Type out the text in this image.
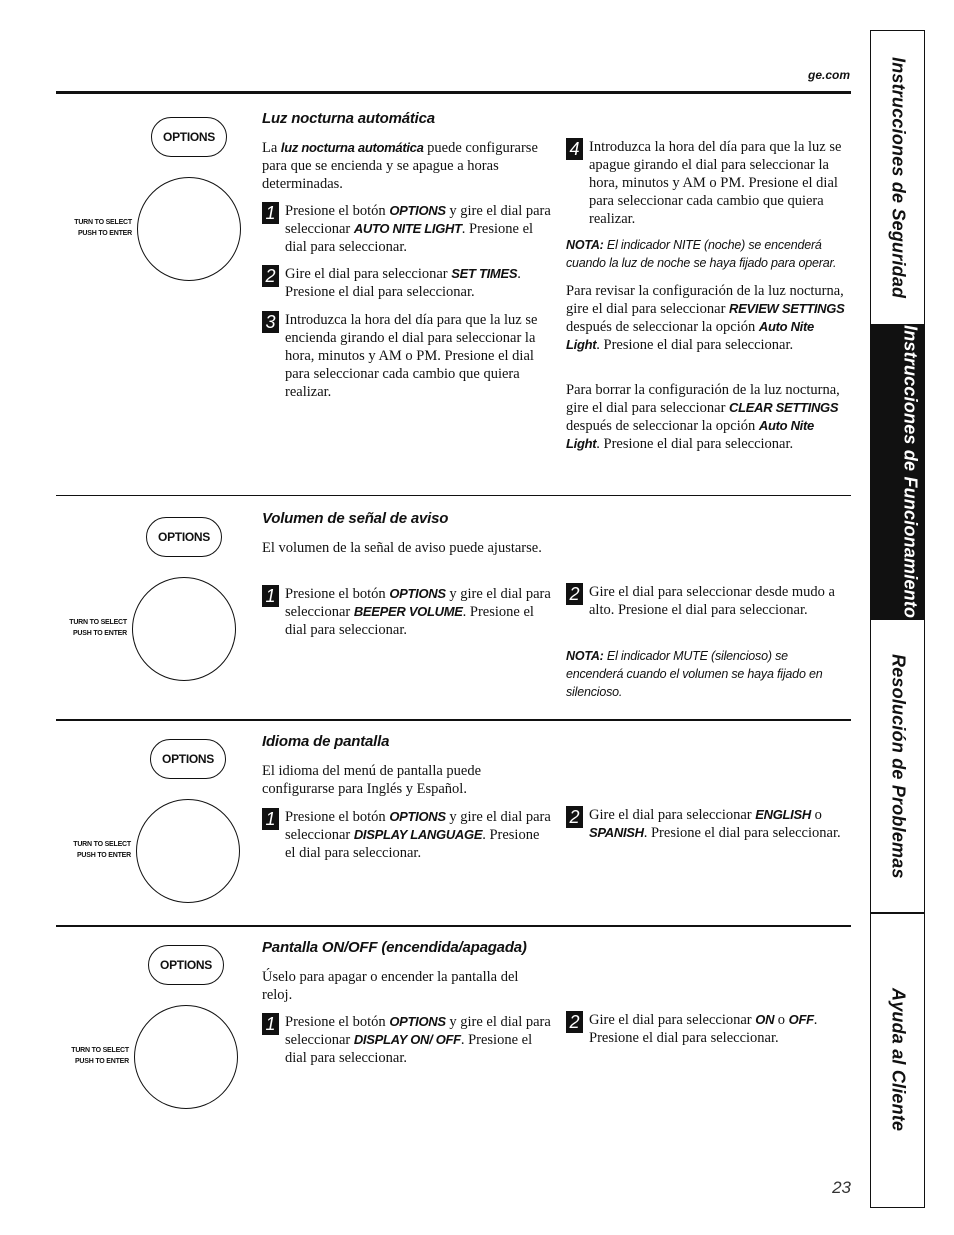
ge.com Instrucciones de Seguridad
Instrucciones de Funcionamiento
Resolución de Problemas
Ayuda al Cliente
OPTIONS
TURN TO SELECT
PUSH TO ENTER
Luz nocturna automática
La luz nocturna automática puede configurarse para que se encienda y se apague a horas determinadas.
1 Presione el botón OPTIONS y gire el dial para seleccionar AUTO NITE LIGHT. Presione el dial para seleccionar.
2 Gire el dial para seleccionar SET TIMES. Presione el dial para seleccionar.
3 Introduzca la hora del día para que la luz se encienda girando el dial para seleccionar la hora, minutos y AM o PM. Presione el dial para seleccionar cada cambio que quiera realizar.
4 Introduzca la hora del día para que la luz se apague girando el dial para seleccionar la hora, minutos y AM o PM. Presione el dial para seleccionar cada cambio que quiera realizar.
NOTA: El indicador NITE (noche) se encenderá cuando la luz de noche se haya fijado para operar.
Para revisar la configuración de la luz nocturna, gire el dial para seleccionar REVIEW SETTINGS después de seleccionar la opción Auto Nite Light. Presione el dial para seleccionar.
Para borrar la configuración de la luz nocturna, gire el dial para seleccionar CLEAR SETTINGS después de seleccionar la opción Auto Nite Light. Presione el dial para seleccionar.
OPTIONS
TURN TO SELECT
PUSH TO ENTER
Volumen de señal de aviso
El volumen de la señal de aviso puede ajustarse.
1 Presione el botón OPTIONS y gire el dial para seleccionar BEEPER VOLUME. Presione el dial para seleccionar.
2 Gire el dial para seleccionar desde mudo a alto. Presione el dial para seleccionar.
NOTA: El indicador MUTE (silencioso) se encenderá cuando el volumen se haya fijado en silencioso.
OPTIONS
TURN TO SELECT
PUSH TO ENTER
Idioma de pantalla
El idioma del menú de pantalla puede configurarse para Inglés y Español.
1 Presione el botón OPTIONS y gire el dial para seleccionar DISPLAY LANGUAGE. Presione el dial para seleccionar.
2 Gire el dial para seleccionar ENGLISH o SPANISH. Presione el dial para seleccionar.
OPTIONS
TURN TO SELECT
PUSH TO ENTER
Pantalla ON/OFF (encendida/apagada)
Úselo para apagar o encender la pantalla del reloj.
1 Presione el botón OPTIONS y gire el dial para seleccionar DISPLAY ON/ OFF. Presione el dial para seleccionar.
2 Gire el dial para seleccionar ON o OFF. Presione el dial para seleccionar.
23
